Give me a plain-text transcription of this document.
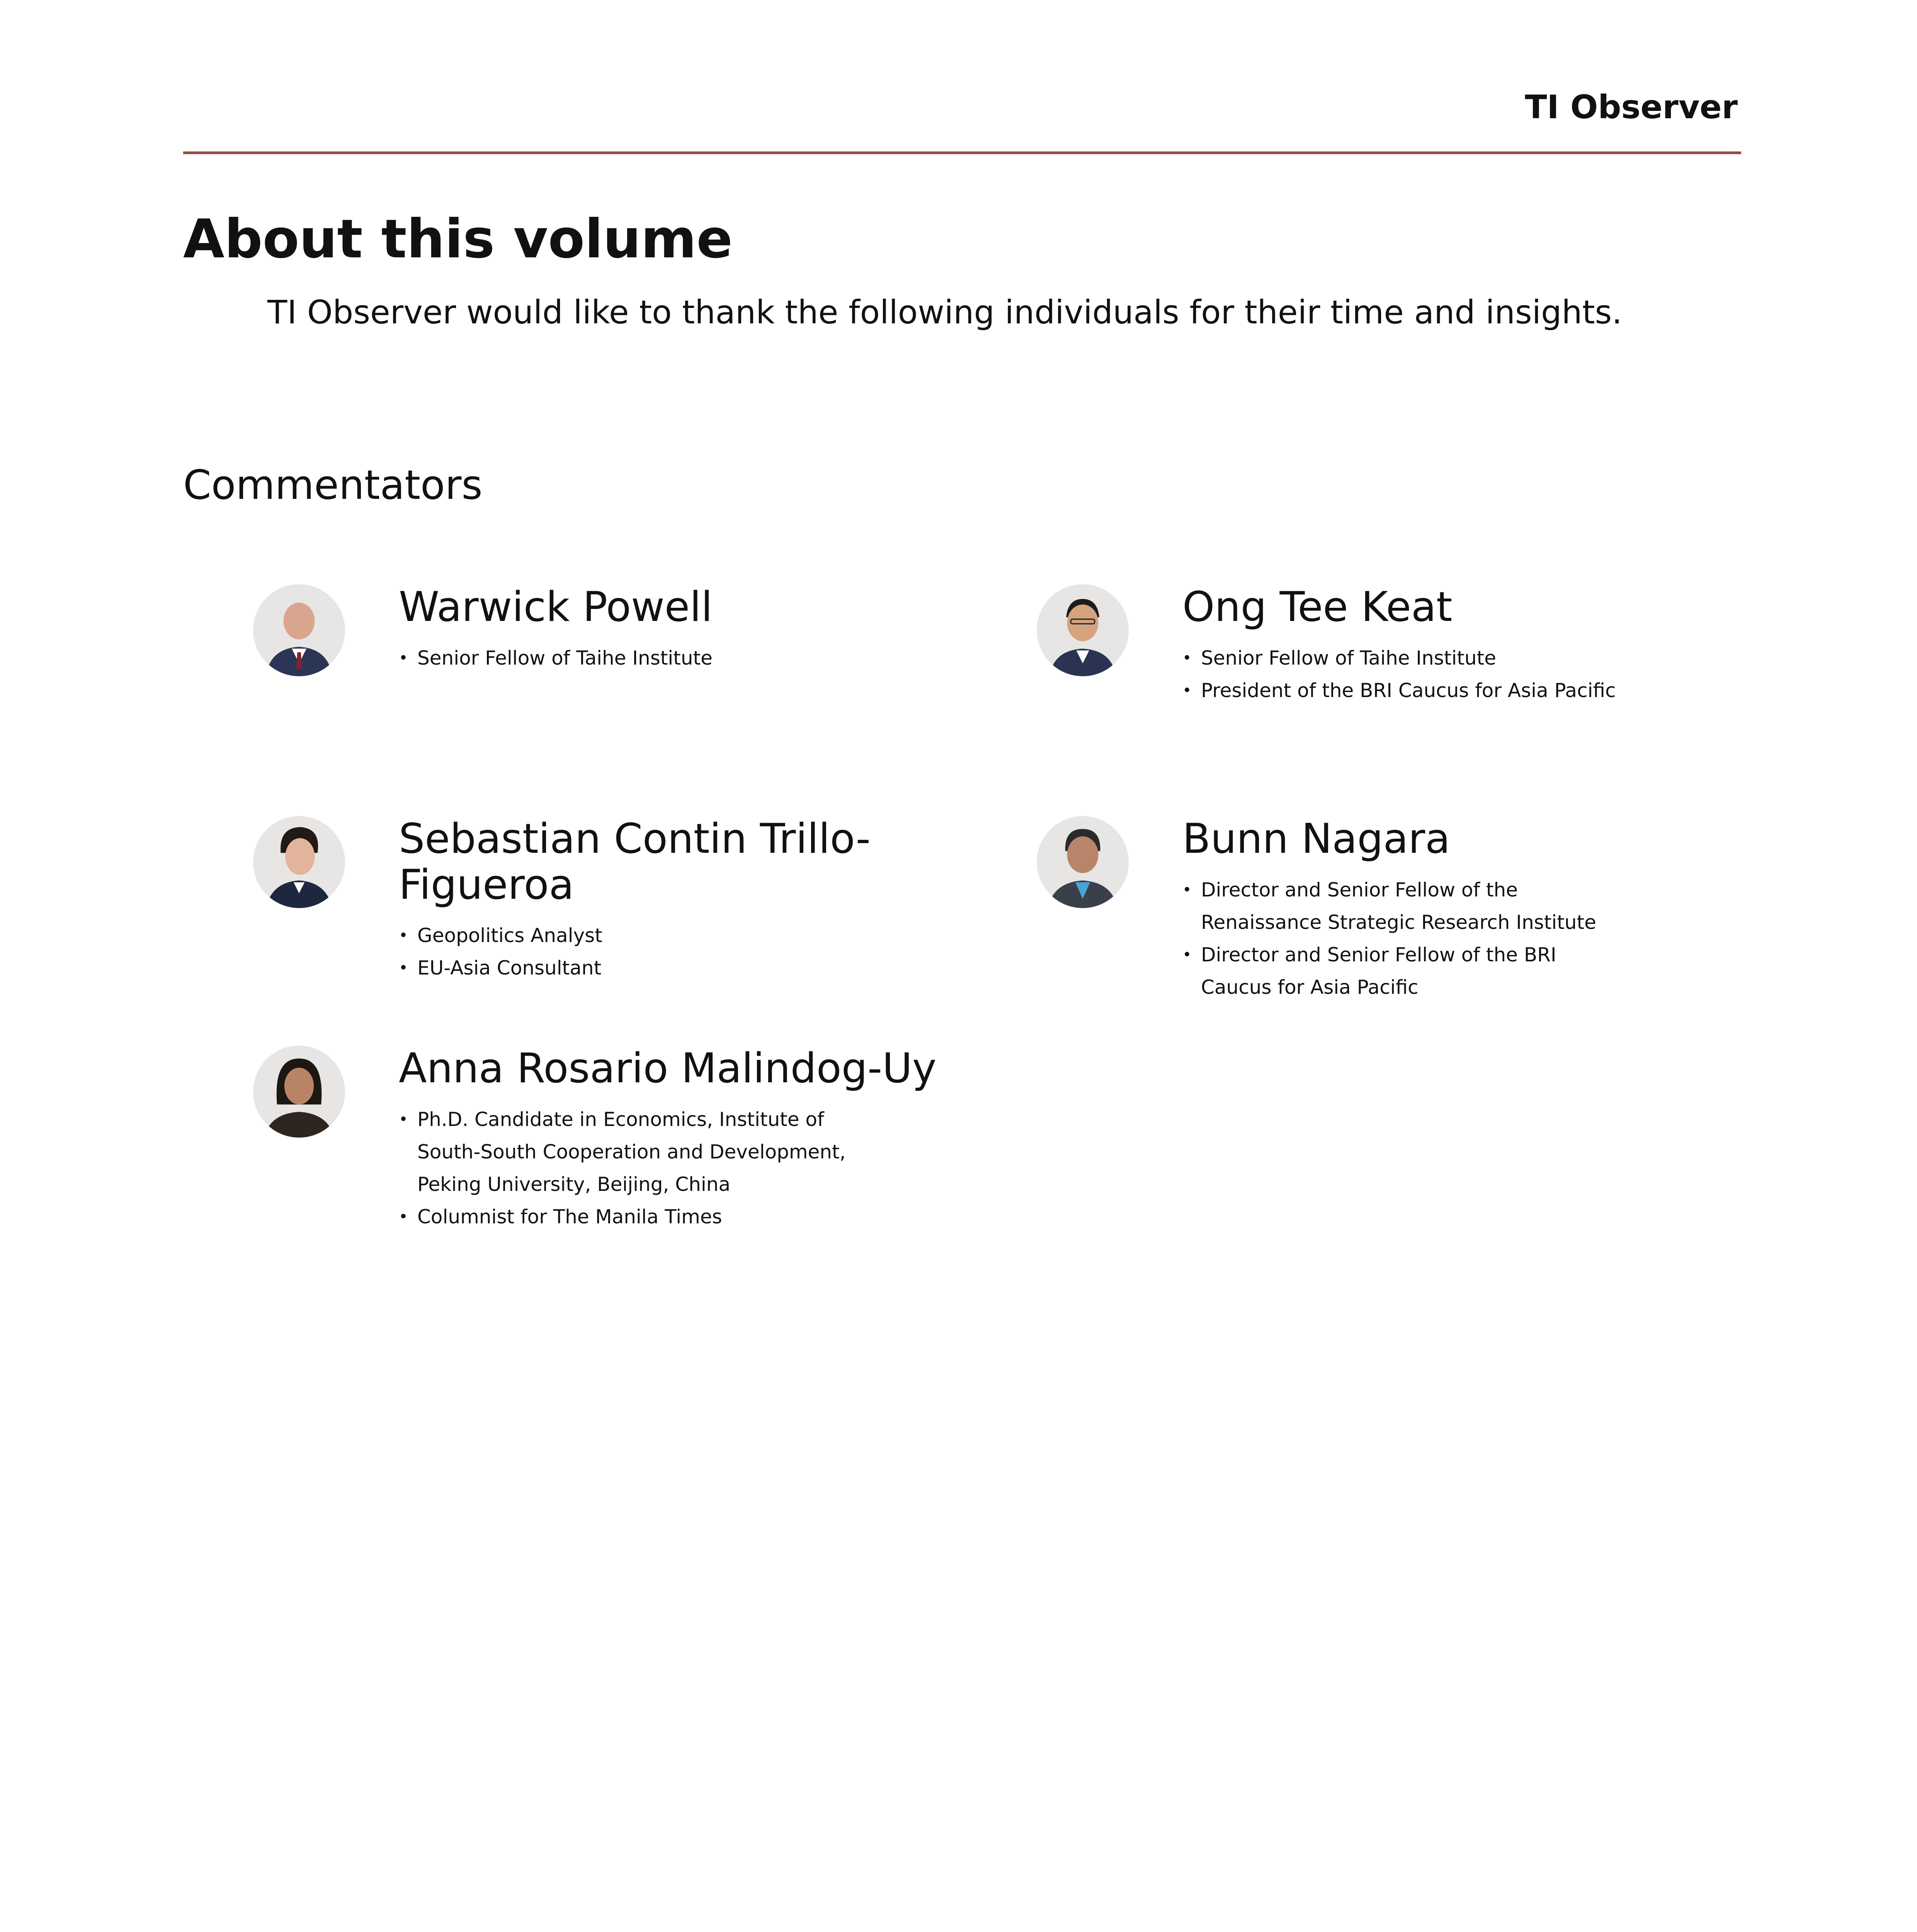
TI Observer
About this volume

TI Observer would like to thank the following individuals for their time and insights.

Commentators
Warwick Powell
• Senior Fellow of Taihe Institute
Ong Tee Keat
• Senior Fellow of Taihe Institute
• President of the BRI Caucus for Asia Pacific
Sebastian Contin Trillo-Figueroa
• Geopolitics Analyst
• EU-Asia Consultant
Bunn Nagara
• Director and Senior Fellow of the Renaissance Strategic Research Institute
• Director and Senior Fellow of the BRI Caucus for Asia Pacific
Anna Rosario Malindog-Uy
• Ph.D. Candidate in Economics, Institute of South-South Cooperation and Development, Peking University, Beijing, China
• Columnist for The Manila Times
